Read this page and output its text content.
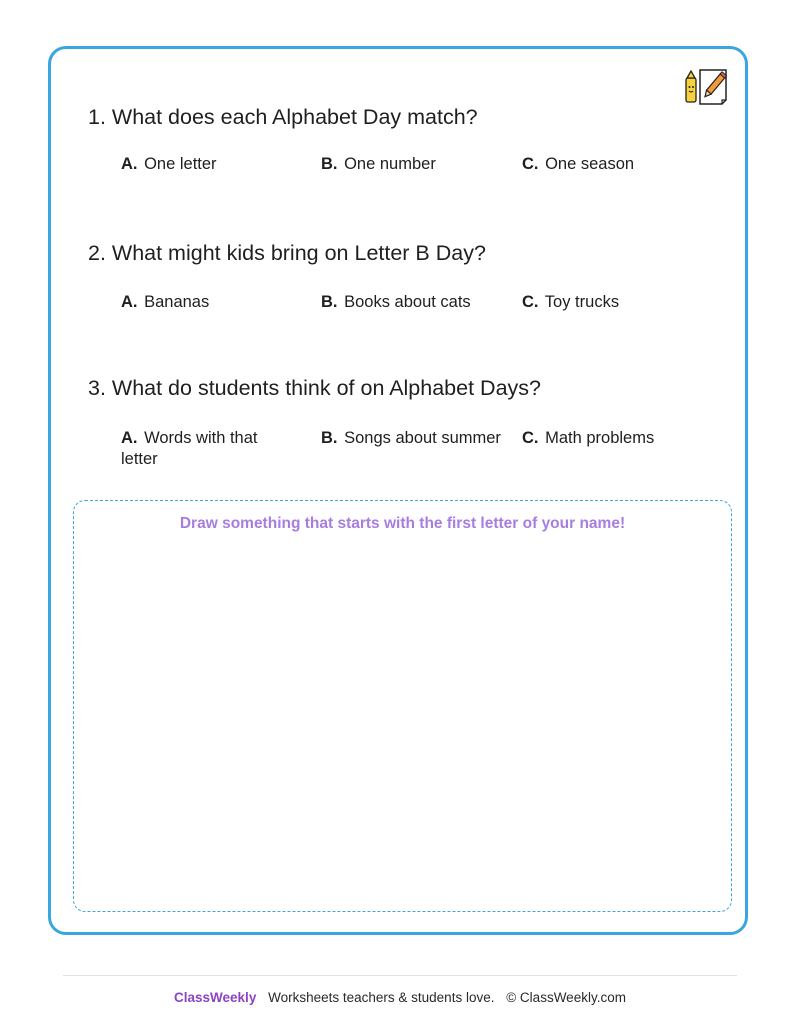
1. What does each Alphabet Day match?

A. One letter	B. One number	C. One season

2. What might kids bring on Letter B Day?

A. Bananas	B. Books about cats	C. Toy trucks

3. What do students think of on Alphabet Days?

A. Words with that letter
B. Songs about summer	C. Math problems
Draw something that starts with the first letter of your name!
ClassWeekly Worksheets teachers & students love. © ClassWeekly.com
